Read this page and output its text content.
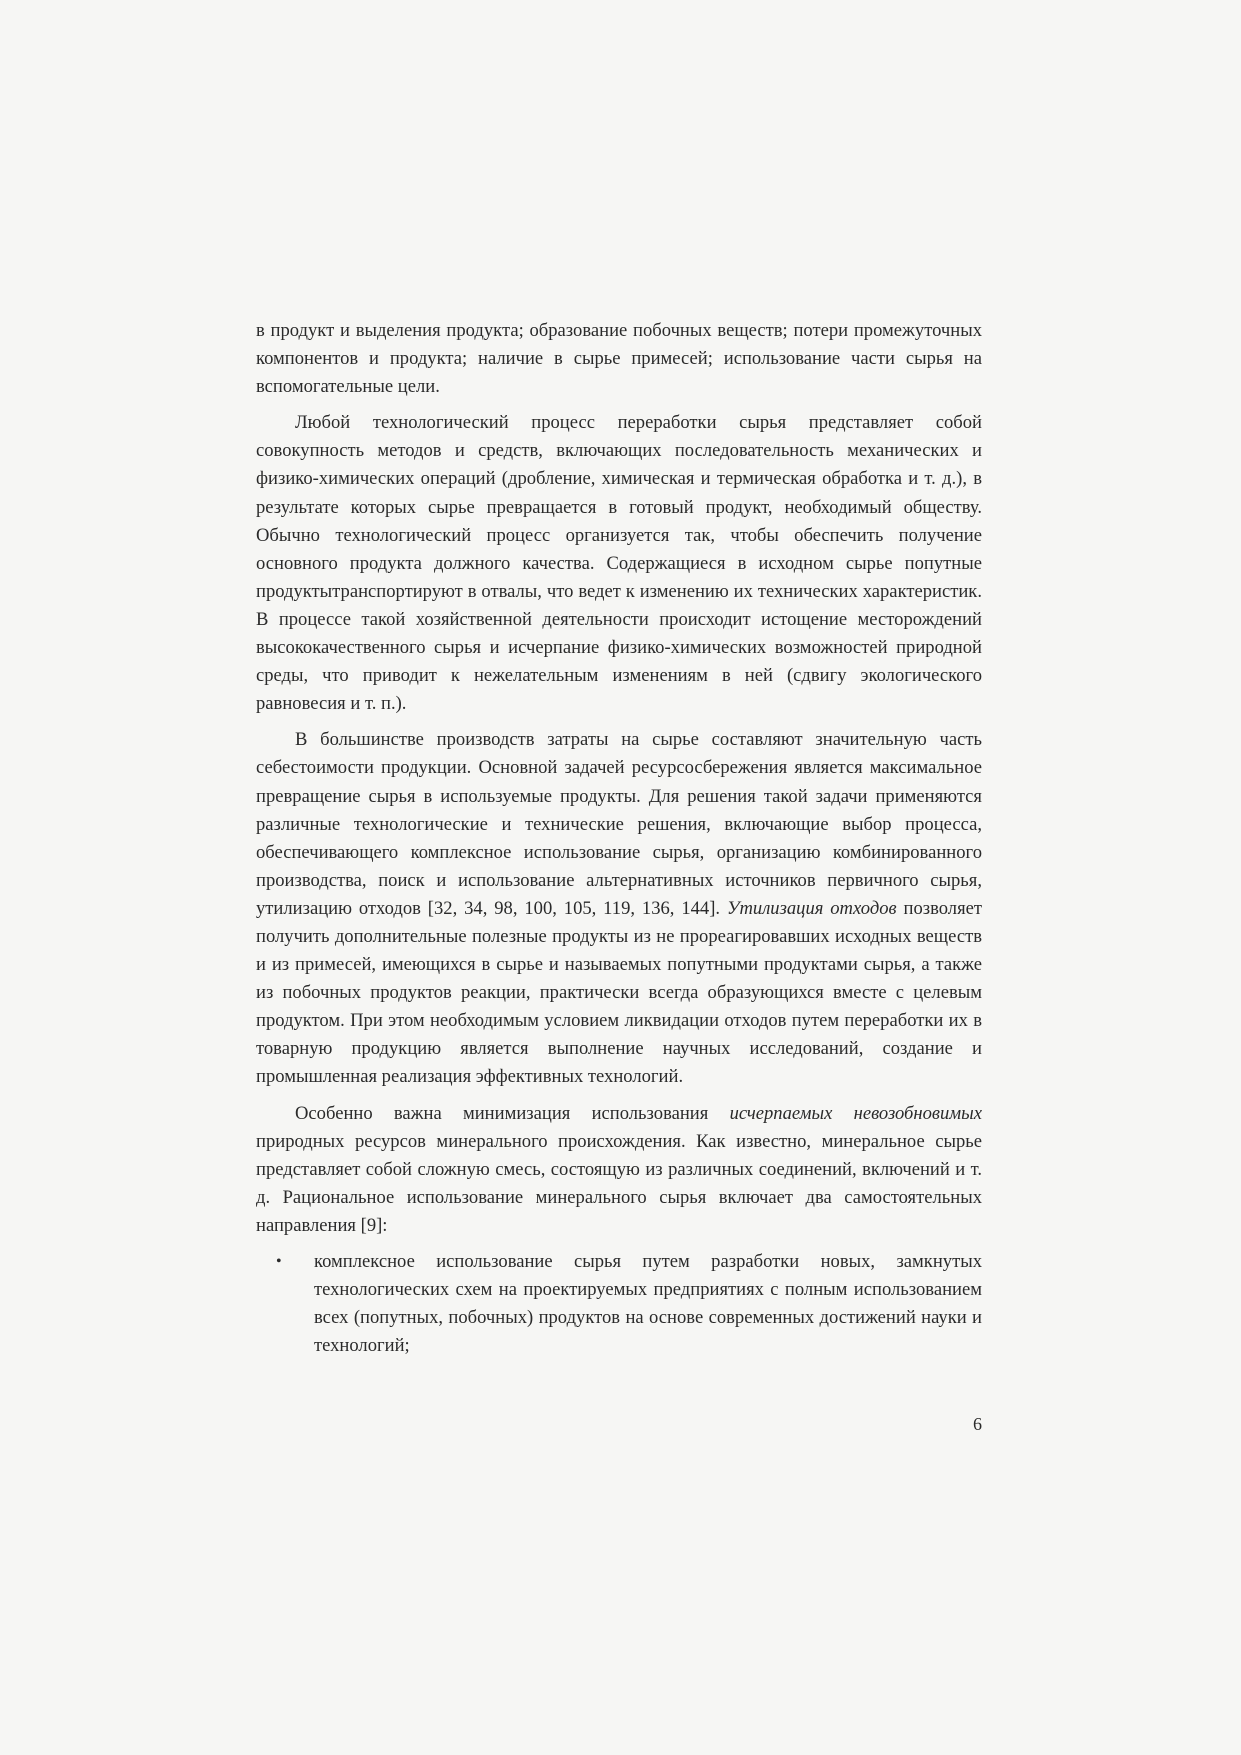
в продукт и выделения продукта; образование побочных веществ; потери промежуточных компонентов и продукта; наличие в сырье примесей; использование части сырья на вспомогательные цели.

Любой технологический процесс переработки сырья представляет собой совокупность методов и средств, включающих последовательность механических и физико-химических операций (дробление, химическая и термическая обработка и т. д.), в результате которых сырье превращается в готовый продукт, необходимый обществу. Обычно технологический процесс организуется так, чтобы обеспечить получение основного продукта должного качества. Содержащиеся в исходном сырье попутные продуктытранспортируют в отвалы, что ведет к изменению их технических характеристик. В процессе такой хозяйственной деятельности происходит истощение месторождений высококачественного сырья и исчерпание физико-химических возможностей природной среды, что приводит к нежелательным изменениям в ней (сдвигу экологического равновесия и т. п.).

В большинстве производств затраты на сырье составляют значительную часть себестоимости продукции. Основной задачей ресурсосбережения является максимальное превращение сырья в используемые продукты. Для решения такой задачи применяются различные технологические и технические решения, включающие выбор процесса, обеспечивающего комплексное использование сырья, организацию комбинированного производства, поиск и использование альтернативных источников первичного сырья, утилизацию отходов [32, 34, 98, 100, 105, 119, 136, 144]. Утилизация отходов позволяет получить дополнительные полезные продукты из не прореагировавших исходных веществ и из примесей, имеющихся в сырье и называемых попутными продуктами сырья, а также из побочных продуктов реакции, практически всегда образующихся вместе с целевым продуктом. При этом необходимым условием ликвидации отходов путем переработки их в товарную продукцию является выполнение научных исследований, создание и промышленная реализация эффективных технологий.

Особенно важна минимизация использования исчерпаемых невозобновимых природных ресурсов минерального происхождения. Как известно, минеральное сырье представляет собой сложную смесь, состоящую из различных соединений, включений и т. д. Рациональное использование минерального сырья включает два самостоятельных направления [9]:

• комплексное использование сырья путем разработки новых, замкнутых технологических схем на проектируемых предприятиях с полным использованием всех (попутных, побочных) продуктов на основе современных достижений науки и технологий;
6
